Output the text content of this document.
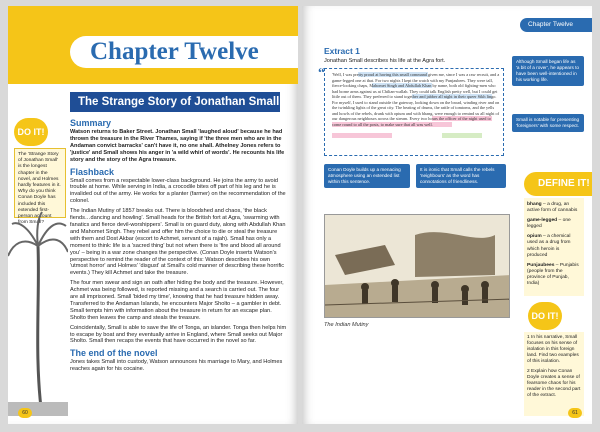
Chapter Twelve
The Strange Story of Jonathan Small
DO IT!
The 'Strange Story of Jonathan Small' is the longest chapter in the novel, and Holmes hardly features in it. Why do you think Conan Doyle has included this extended first-person account from Small?
Summary

Watson returns to Baker Street. Jonathan Small 'laughed aloud' because he had thrown the treasure in the River Thames, saying if 'the three men who are in the Andaman convict barracks' can't have it, no one shall. Athelney Jones refers to 'justice' and Small shows his anger in 'a wild whirl of words'. He recounts his life story and the story of the Agra treasure.

Flashback

Small comes from a respectable lower-class background. He joins the army to avoid trouble at home. While serving in India, a crocodile bites off part of his leg and he is invalided out of the army. He works for a planter (farmer) on the recommendation of the colonel.

The Indian Mutiny of 1857 breaks out. There is bloodshed and chaos, 'the black fiends…dancing and howling'. Small heads for the British fort at Agra, 'swarming with fanatics and fierce devil-worshippers'. Small is on guard duty, along with Abdullah Khan and Mahomet Singh. They rebel and offer him the choice to die or steal the treasure with them and Dost Akbar (escort to Achmet, servant of a rajah). Small has only a moment to think: life is a 'sacred thing' but not when there is 'fire and blood all around you' – being in a war zone changes the perspective. (Conan Doyle inserts Watson's perspective to remind the reader of the context of this: Watson describes his own 'utmost horror' and Holmes' 'disgust' at Small's cold manner of describing these horrific events.) They kill Achmet and take the treasure.

The four men swear and sign an oath after hiding the body and the treasure. However, Achmet was being followed, is reported missing and a search is carried out. The four are all imprisoned. Small 'bided my time', knowing that he had treasure hidden away. Transferred to the Andaman Islands, he encounters Major Sholto – a gambler in debt. Small tempts him with information about the treasure in return for an escape plan. Sholto then leaves the camp and steals the treasure.

Coincidentally, Small is able to save the life of Tonga, an islander. Tonga then helps him to escape by boat and they eventually arrive in England, where Small seeks out Major Sholto. Small then recaps the events that have occurred in the novel so far.

The end of the novel

Jones takes Small into custody, Watson announces his marriage to Mary, and Holmes reaches again for his cocaine.

60
Chapter Twelve
Extract 1
Jonathan Small describes his life at the Agra fort.
“ 'Well, I was pretty proud at having this small command given me, since I was a raw recruit, and a game-legged one at that. For two nights I kept the watch with my Punjaubees. They were tall, fierce-looking chaps, Mahomet Singh and Abdullah Khan by name, both old fighting-men who had borne arms against us at Chilian-wallah. They could talk English pretty well, but I could get little out of them. They preferred to stand together and jabber all night in their queer Sikh lingo. For myself, I used to stand outside the gateway, looking down on the broad, winding river and on the twinkling lights of the great city. The beating of drums, the rattle of tomtoms, and the yells and howls of the rebels, drunk with opium and with bhang, were enough to remind us all night of our dangerous neighbours across the stream. Every two hours the officer of the night used to come round to all the posts, to make sure that all was well.
Although Small began life as 'a bit of a rover', he appears to have been well-intentioned in his working life.
Small is notable for presenting 'foreigners' with some respect.
Conan Doyle builds up a menacing atmosphere using an extended list within this sentence.
It is ironic that Small calls the rebels 'neighbours' as the word has connotations of friendliness.	DEFINE IT!
bhang – a drug, an active form of cannabis
game-legged – one legged
opium – a chemical used as a drug from which heroin is produced
Punjaubees – Punjabis (people from the province of Punjab, India)
The Indian Mutiny
DO IT!
1 In his narrative, Small focuses on his sense of isolation in this foreign land. Find two examples of this isolation.
2 Explain how Conan Doyle creates a sense of fearsome chaos for his reader in the second part of the extract.
61
